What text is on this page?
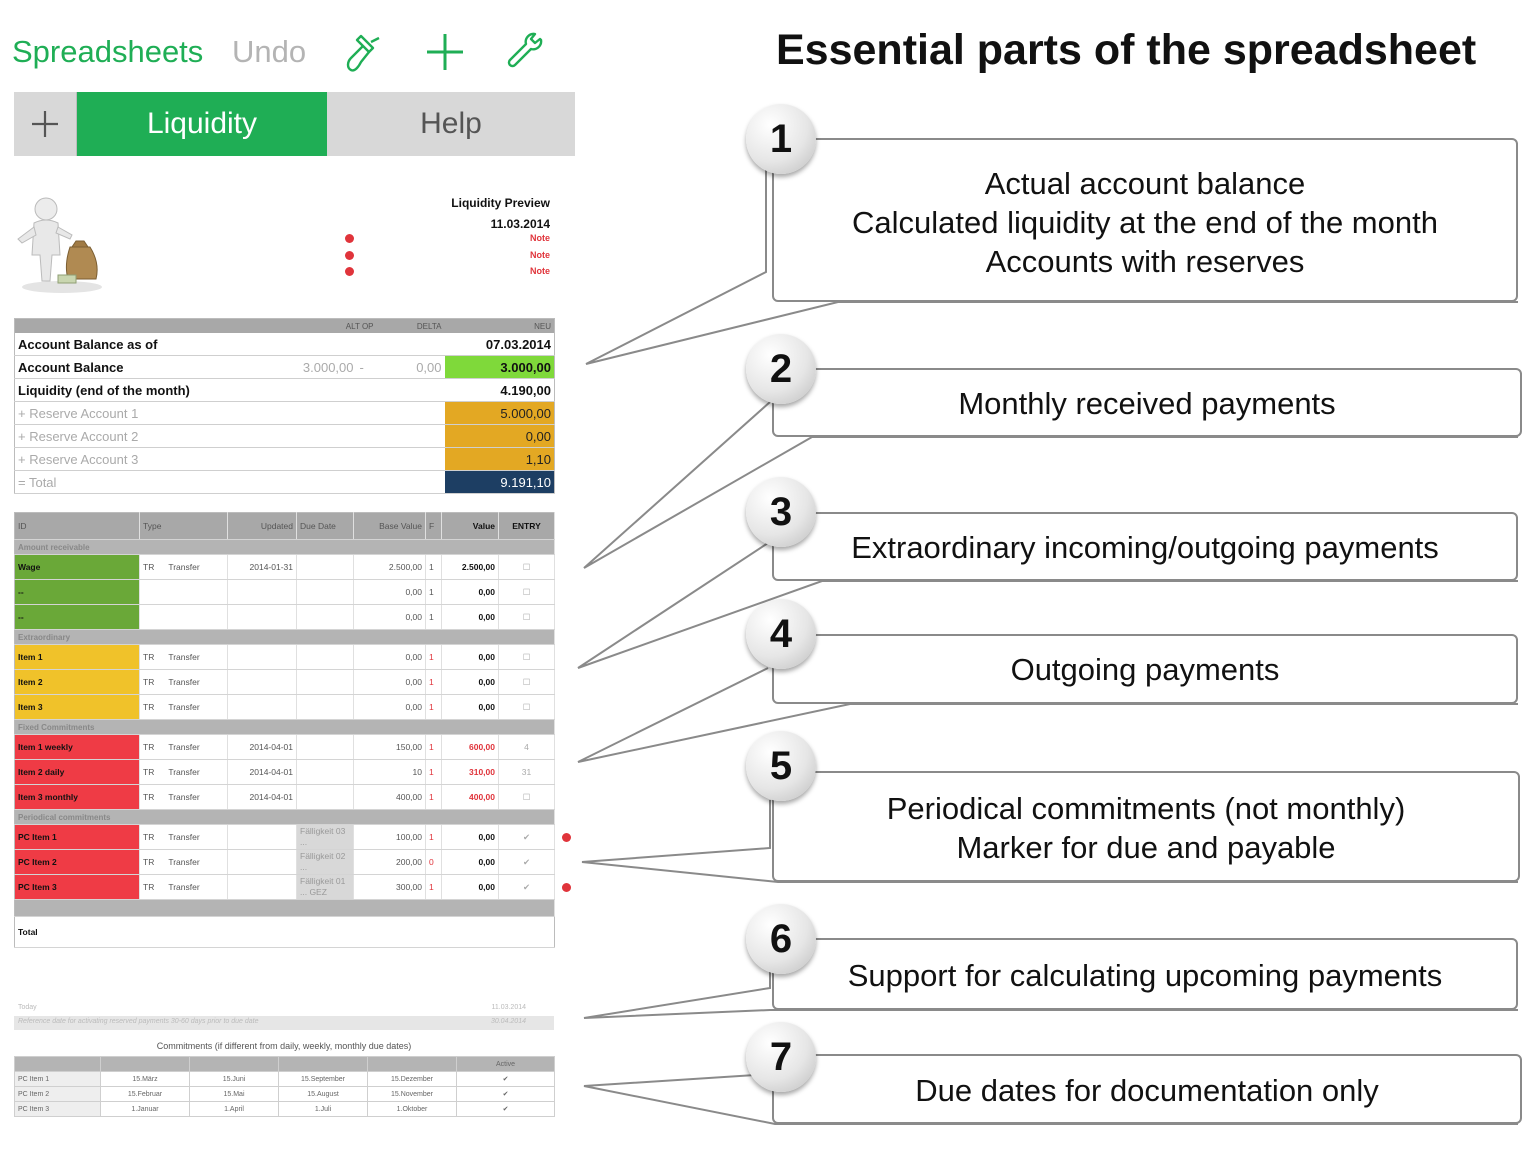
Spreadsheets Undo
Liquidity	Help
Liquidity Preview
11.03.2014
Note
Note
Note
	ALT OP		DELTA	NEU
Account Balance as of				07.03.2014
Account Balance	3.000,00	-	0,00	3.000,00
Liquidity (end of the month)				4.190,00
+ Reserve Account 1				5.000,00
+ Reserve Account 2				0,00
+ Reserve Account 3				1,10
= Total				9.191,10
ID	Type	Updated	Due Date	Base Value	F	Value	ENTRY
Amount receivable							
Wage	TR Transfer	2014-01-31		2.500,00	1	2.500,00	☐
--				0,00	1	0,00	☐
--				0,00	1	0,00	☐
Extraordinary							
Item 1	TR Transfer			0,00	1	0,00	☐
Item 2	TR Transfer			0,00	1	0,00	☐
Item 3	TR Transfer			0,00	1	0,00	☐
Fixed Commitments							
Item 1 weekly	TR Transfer	2014-04-01		150,00	1	600,00	4
Item 2 daily	TR Transfer	2014-04-01		10	1	310,00	31
Item 3 monthly	TR Transfer	2014-04-01		400,00	1	400,00	☐
Periodical commitments							
PC Item 1	TR Transfer		Fälligkeit 03 ...	100,00	1	0,00	✔

PC Item 2	TR Transfer		Fälligkeit 02 ...	200,00	0	0,00	✔
PC Item 3	TR Transfer		Fälligkeit 01 ... GEZ	300,00	1	0,00	✔

Total							
Today	11.03.2014
Reference date for activating reserved payments 30-60 days prior to due date	30.04.2014
Commitments (if different from daily, weekly, monthly due dates)
					Active
PC Item 1	15.März	15.Juni	15.September	15.Dezember	✔
PC Item 2	15.Februar	15.Mai	15.August	15.November	✔
PC Item 3	1.Januar	1.April	1.Juli	1.Oktober	✔
Essential parts of the spreadsheet
Actual account balance
Calculated liquidity at the end of the month
Accounts with reserves
Monthly received payments
Extraordinary incoming/outgoing payments
Outgoing payments
Periodical commitments (not monthly)
Marker for due and payable
Support for calculating upcoming payments
Due dates for documentation only
1
2
3
4
5
6
7
